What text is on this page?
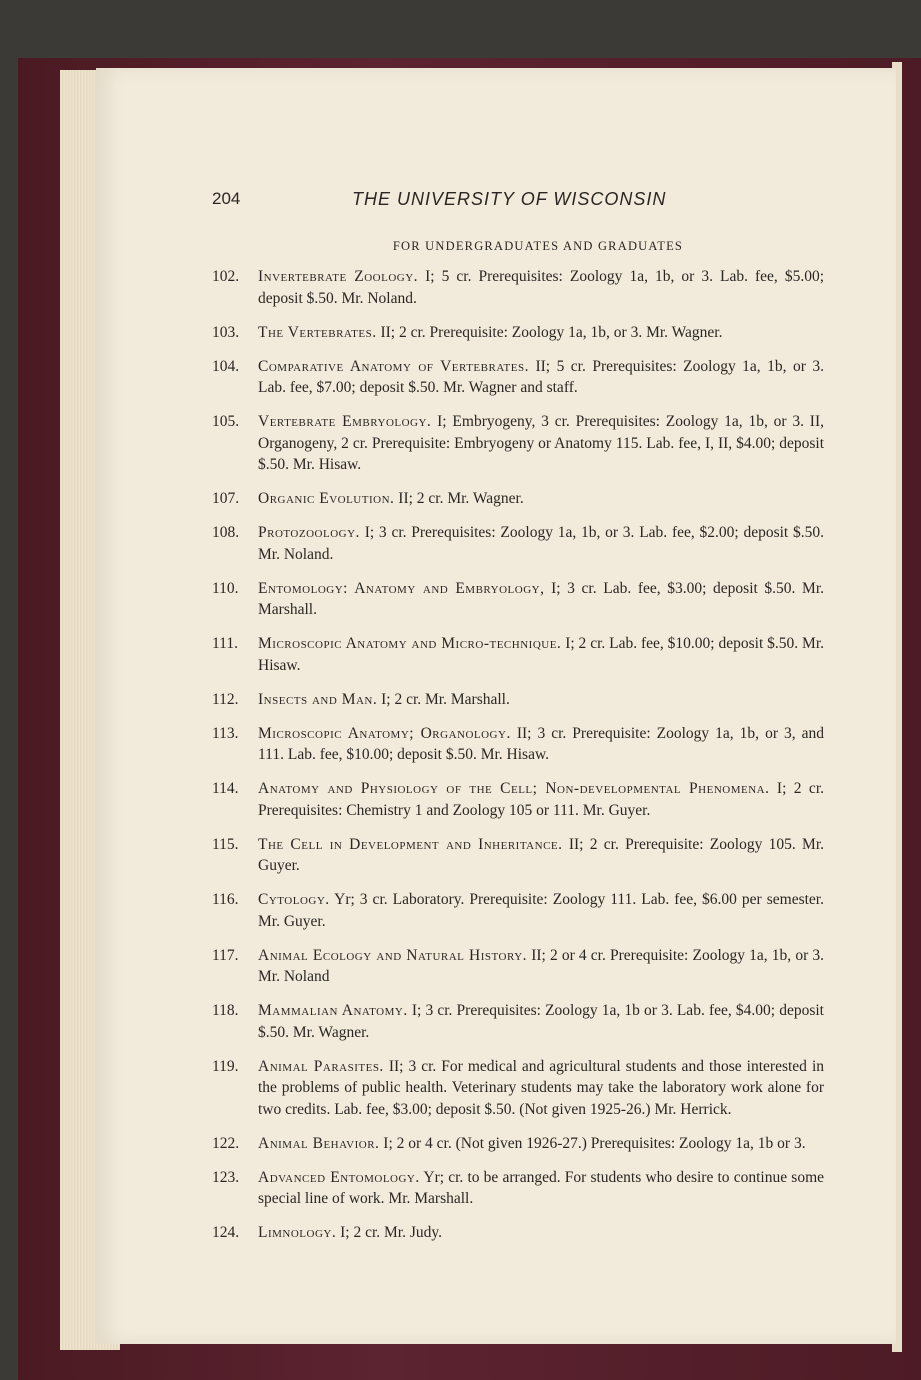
204	THE UNIVERSITY OF WISCONSIN
FOR UNDERGRADUATES AND GRADUATES
102. Invertebrate Zoology. I; 5 cr. Prerequisites: Zoology 1a, 1b, or 3. Lab. fee, $5.00; deposit $.50. Mr. Noland.
103. The Vertebrates. II; 2 cr. Prerequisite: Zoology 1a, 1b, or 3. Mr. Wagner.
104. Comparative Anatomy of Vertebrates. II; 5 cr. Prerequisites: Zoology 1a, 1b, or 3. Lab. fee, $7.00; deposit $.50. Mr. Wagner and staff.
105. Vertebrate Embryology. I; Embryogeny, 3 cr. Prerequisites: Zoology 1a, 1b, or 3. II, Organogeny, 2 cr. Prerequisite: Embryogeny or Anatomy 115. Lab. fee, I, II, $4.00; deposit $.50. Mr. Hisaw.
107. Organic Evolution. II; 2 cr. Mr. Wagner.
108. Protozoology. I; 3 cr. Prerequisites: Zoology 1a, 1b, or 3. Lab. fee, $2.00; deposit $.50. Mr. Noland.
110. Entomology: Anatomy and Embryology, I; 3 cr. Lab. fee, $3.00; deposit $.50. Mr. Marshall.
111. Microscopic Anatomy and Micro-technique. I; 2 cr. Lab. fee, $10.00; deposit $.50. Mr. Hisaw.
112. Insects and Man. I; 2 cr. Mr. Marshall.
113. Microscopic Anatomy; Organology. II; 3 cr. Prerequisite: Zoology 1a, 1b, or 3, and 111. Lab. fee, $10.00; deposit $.50. Mr. Hisaw.
114. Anatomy and Physiology of the Cell; Non-developmental Phenomena. I; 2 cr. Prerequisites: Chemistry 1 and Zoology 105 or 111. Mr. Guyer.
115. The Cell in Development and Inheritance. II; 2 cr. Prerequisite: Zoology 105. Mr. Guyer.
116. Cytology. Yr; 3 cr. Laboratory. Prerequisite: Zoology 111. Lab. fee, $6.00 per semester. Mr. Guyer.
117. Animal Ecology and Natural History. II; 2 or 4 cr. Prerequisite: Zoology 1a, 1b, or 3. Mr. Noland
118. Mammalian Anatomy. I; 3 cr. Prerequisites: Zoology 1a, 1b or 3. Lab. fee, $4.00; deposit $.50. Mr. Wagner.
119. Animal Parasites. II; 3 cr. For medical and agricultural students and those interested in the problems of public health. Veterinary students may take the laboratory work alone for two credits. Lab. fee, $3.00; deposit $.50. (Not given 1925-26.) Mr. Herrick.
122. Animal Behavior. I; 2 or 4 cr. (Not given 1926-27.) Prerequisites: Zoology 1a, 1b or 3.
123. Advanced Entomology. Yr; cr. to be arranged. For students who desire to continue some special line of work. Mr. Marshall.
124. Limnology. I; 2 cr. Mr. Judy.
